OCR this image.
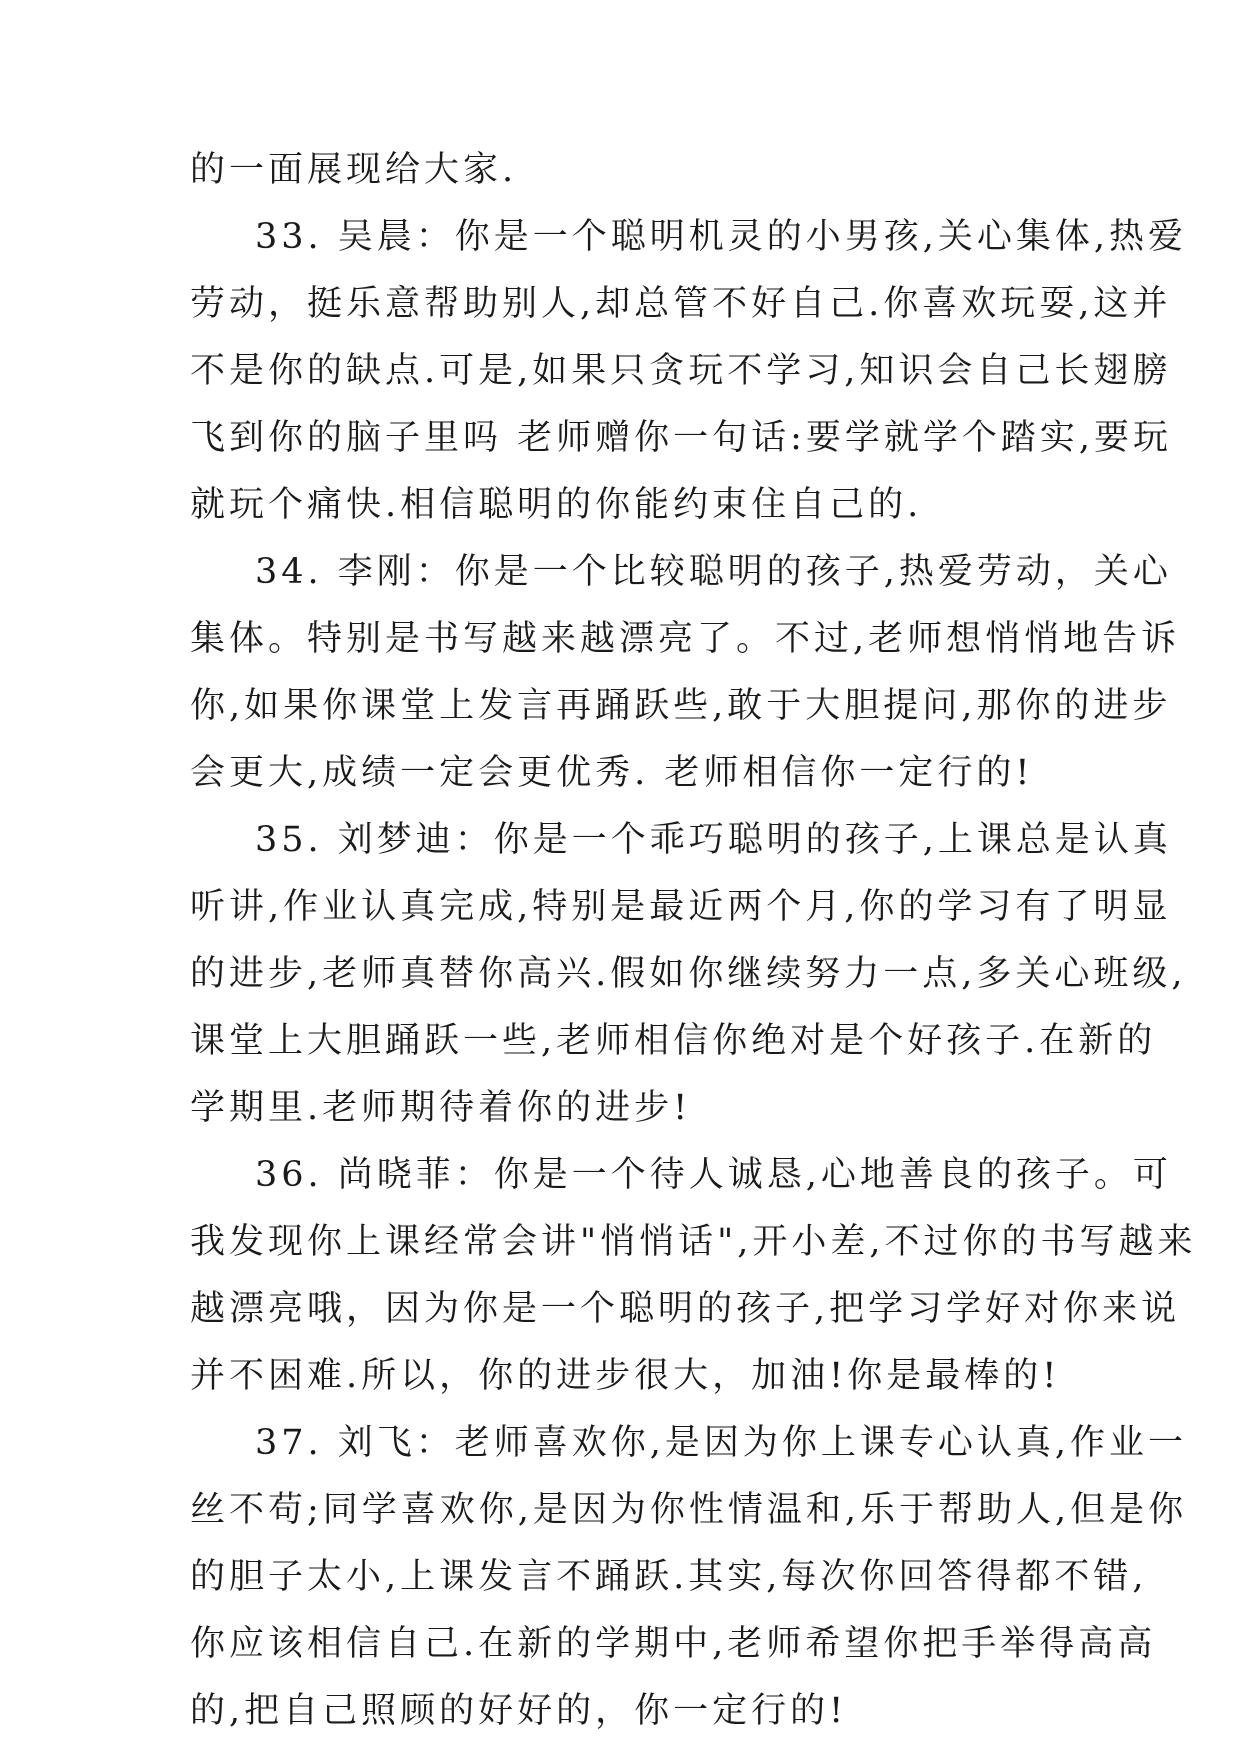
的一面展现给大家.
33. 吴晨：你是一个聪明机灵的小男孩,关心集体,热爱
劳动，挺乐意帮助别人,却总管不好自己.你喜欢玩耍,这并
不是你的缺点.可是,如果只贪玩不学习,知识会自己长翅膀
飞到你的脑子里吗 老师赠你一句话:要学就学个踏实,要玩
就玩个痛快.相信聪明的你能约束住自己的.
34. 李刚：你是一个比较聪明的孩子,热爱劳动，关心
集体。特别是书写越来越漂亮了。不过,老师想悄悄地告诉
你,如果你课堂上发言再踊跃些,敢于大胆提问,那你的进步
会更大,成绩一定会更优秀. 老师相信你一定行的!
35. 刘梦迪：你是一个乖巧聪明的孩子,上课总是认真
听讲,作业认真完成,特别是最近两个月,你的学习有了明显
的进步,老师真替你高兴.假如你继续努力一点,多关心班级,
课堂上大胆踊跃一些,老师相信你绝对是个好孩子.在新的
学期里.老师期待着你的进步!
36. 尚晓菲：你是一个待人诚恳,心地善良的孩子。可
我发现你上课经常会讲"悄悄话",开小差,不过你的书写越来
越漂亮哦，因为你是一个聪明的孩子,把学习学好对你来说
并不困难.所以，你的进步很大，加油!你是最棒的!
37. 刘飞：老师喜欢你,是因为你上课专心认真,作业一
丝不苟;同学喜欢你,是因为你性情温和,乐于帮助人,但是你
的胆子太小,上课发言不踊跃.其实,每次你回答得都不错,
你应该相信自己.在新的学期中,老师希望你把手举得高高
的,把自己照顾的好好的，你一定行的!
